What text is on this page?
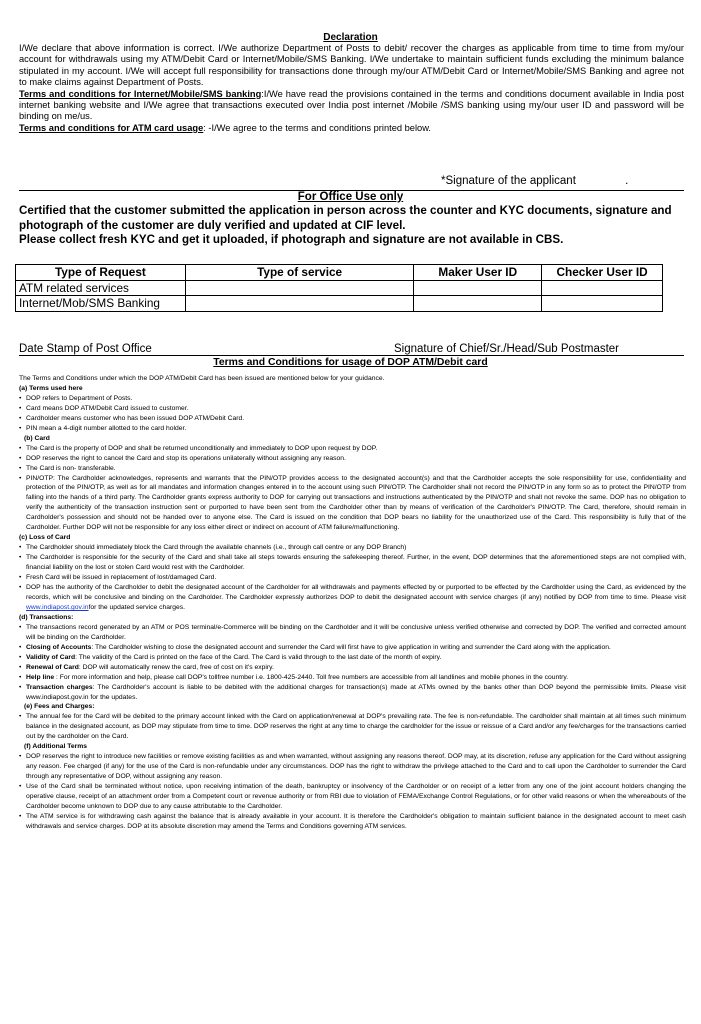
Declaration

I/We declare that above information is correct. I/We authorize Department of Posts to debit/ recover the charges as applicable from time to time from my/our account for withdrawals using my ATM/Debit Card or Internet/Mobile/SMS Banking. I/We undertake to maintain sufficient funds excluding the minimum balance stipulated in my account. I/We will accept full responsibility for transactions done through my/our ATM/Debit Card or Internet/Mobile/SMS Banking and agree not to make claims against Department of Posts.

Terms and conditions for Internet/Mobile/SMS banking:I/We have read the provisions contained in the terms and conditions document available in India post internet banking website and I/We agree that transactions executed over India post internet /Mobile /SMS banking using my/our user ID and password will be binding on me/us.

Terms and conditions for ATM card usage: -I/We agree to the terms and conditions printed below.

*Signature of the applicant	.
For Office Use only

Certified that the customer submitted the application in person across the counter and KYC documents, signature and photograph of the customer are duly verified and updated at CIF level.

Please collect fresh KYC and get it uploaded, if photograph and signature are not available in CBS.

Type of Request	Type of service	Maker User ID	Checker User ID
ATM related services			
Internet/Mob/SMS Banking			
Date Stamp of Post Office	Signature of Chief/Sr./Head/Sub Postmaster
Terms and Conditions for usage of DOP ATM/Debit card

The Terms and Conditions under which the DOP ATM/Debit Card has been issued are mentioned below for your guidance.

(a) Terms used here

• DOP refers to Department of Posts.
• Card means DOP ATM/Debit Card issued to customer.
• Cardholder means customer who has been issued DOP ATM/Debit Card.
• PIN mean a 4-digit number allotted to the card holder.

(b) Card

• The Card is the property of DOP and shall be returned unconditionally and immediately to DOP upon request by DOP.
• DOP reserves the right to cancel the Card and stop its operations unilaterally without assigning any reason.
• The Card is non- transferable.
• PIN/OTP: The Cardholder acknowledges, represents and warrants that the PIN/OTP provides access to the designated account(s) and that the Cardholder accepts the sole responsibility for use, confidentiality and protection of the PIN/OTP, as well as for all mandates and information changes entered in to the account using such PIN/OTP. The Cardholder shall not record the PIN/OTP in any form so as to protect the PIN/OTP from falling into the hands of a third party. The Cardholder grants express authority to DOP for carrying out transactions and instructions authenticated by the PIN/OTP and shall not revoke the same. DOP has no obligation to verify the authenticity of the transaction instruction sent or purported to have been sent from the Cardholder other than by means of verification of the Cardholder's PIN/OTP. The Card, therefore, should remain in Cardholder's possession and should not be handed over to anyone else. The Card is issued on the condition that DOP bears no liability for the unauthorized use of the Card. This responsibility is fully that of the Cardholder. Further DOP will not be responsible for any loss either direct or indirect on account of ATM failure/malfunctioning.

(c) Loss of Card

• The Cardholder should immediately block the Card through the available channels (i.e., through call centre or any DOP Branch)
• The Cardholder is responsible for the security of the Card and shall take all steps towards ensuring the safekeeping thereof. Further, in the event, DOP determines that the aforementioned steps are not complied with, financial liability on the lost or stolen Card would rest with the Cardholder.
• Fresh Card will be issued in replacement of lost/damaged Card.
• DOP has the authority of the Cardholder to debit the designated account of the Cardholder for all withdrawals and payments effected by or purported to be effected by the Cardholder using the Card, as evidenced by the records, which will be conclusive and binding on the Cardholder. The Cardholder expressly authorizes DOP to debit the designated account with service charges (if any) notified by DOP from time to time. Please visit www.indiapost.gov.infor the updated service charges.

(d) Transactions:

• The transactions record generated by an ATM or POS terminal/e-Commerce will be binding on the Cardholder and it will be conclusive unless verified otherwise and corrected by DOP. The verified and corrected amount will be binding on the Cardholder.
• Closing of Accounts: The Cardholder wishing to close the designated account and surrender the Card will first have to give application in writing and surrender the Card along with the application.
• Validity of Card: The validity of the Card is printed on the face of the Card. The Card is valid through to the last date of the month of expiry.
• Renewal of Card: DOP will automatically renew the card, free of cost on it's expiry.
• Help line : For more information and help, please call DOP's tollfree number i.e. 1800-425-2440. Toll free numbers are accessible from all landlines and mobile phones in the country.
• Transaction charges: The Cardholder's account is liable to be debited with the additional charges for transaction(s) made at ATMs owned by the banks other than DOP beyond the permissible limits. Please visit www.indiapost.gov.in for the updates.

(e) Fees and Charges:

• The annual fee for the Card will be debited to the primary account linked with the Card on application/renewal at DOP's prevailing rate. The fee is non-refundable. The cardholder shall maintain at all times such minimum balance in the designated account, as DOP may stipulate from time to time. DOP reserves the right at any time to charge the cardholder for the issue or reissue of a Card and/or any fee/charges for the transactions carried out by the cardholder on the Card.

(f) Additional Terms

• DOP reserves the right to introduce new facilities or remove existing facilities as and when warranted, without assigning any reasons thereof. DOP may, at its discretion, refuse any application for the Card without assigning any reason. Fee charged (if any) for the use of the Card is non-refundable under any circumstances. DOP has the right to withdraw the privilege attached to the Card and to call upon the Cardholder to surrender the Card through any representative of DOP, without assigning any reason.
• Use of the Card shall be terminated without notice, upon receiving intimation of the death, bankruptcy or insolvency of the Cardholder or on receipt of a letter from any one of the joint account holders changing the operative clause, receipt of an attachment order from a Competent court or revenue authority or from RBI due to violation of FEMA/Exchange Control Regulations, or for other valid reasons or when the whereabouts of the Cardholder become unknown to DOP due to any cause attributable to the Cardholder.
• The ATM service is for withdrawing cash against the balance that is already available in your account. It is therefore the Cardholder's obligation to maintain sufficient balance in the designated account to meet cash withdrawals and service charges. DOP at its absolute discretion may amend the Terms and Conditions governing ATM services.
